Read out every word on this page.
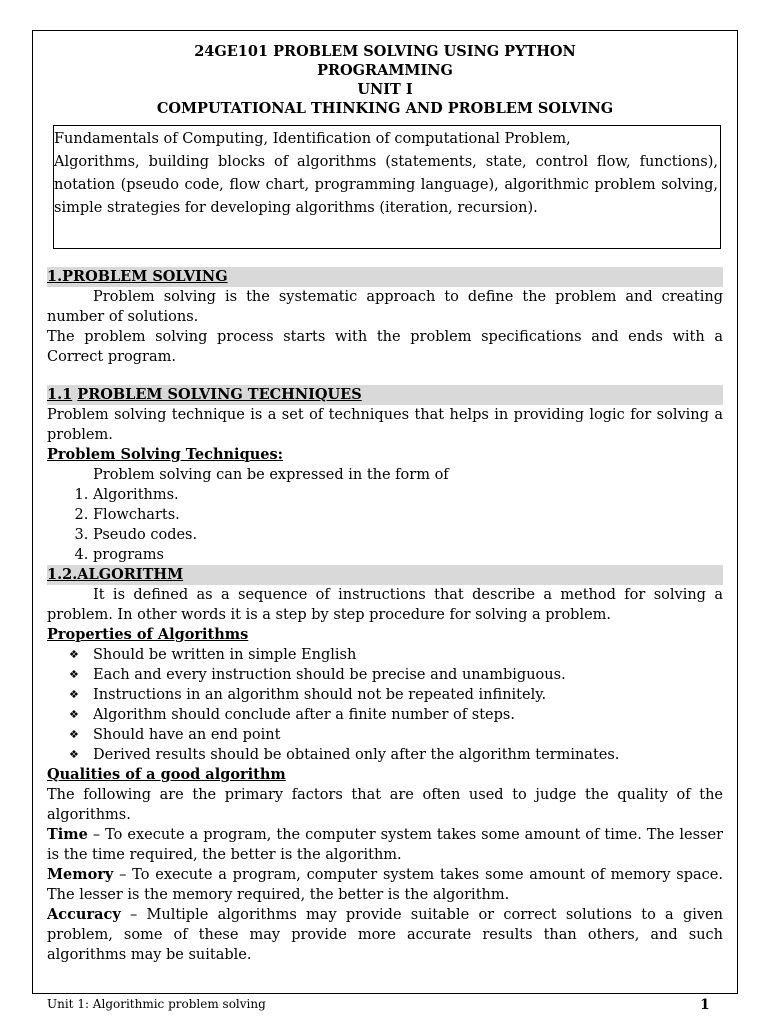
24GE101 PROBLEM SOLVING USING PYTHON
PROGRAMMING
UNIT I
COMPUTATIONAL THINKING AND PROBLEM SOLVING

Fundamentals of Computing, Identification of computational Problem,

Algorithms, building blocks of algorithms (statements, state, control flow, functions), notation (pseudo code, flow chart, programming language), algorithmic problem solving, simple strategies for developing algorithms (iteration, recursion).

1.PROBLEM SOLVING

Problem solving is the systematic approach to define the problem and creating number of solutions.

The problem solving process starts with the problem specifications and ends with a Correct program.

1.1 PROBLEM SOLVING TECHNIQUES

Problem solving technique is a set of techniques that helps in providing logic for solving a problem.

Problem Solving Techniques:

Problem solving can be expressed in the form of

1. Algorithms.
2. Flowcharts.
3. Pseudo codes.
4. programs
1.2.ALGORITHM

It is defined as a sequence of instructions that describe a method for solving a problem. In other words it is a step by step procedure for solving a problem.

Properties of Algorithms

❖ Should be written in simple English
❖ Each and every instruction should be precise and unambiguous.
❖ Instructions in an algorithm should not be repeated infinitely.
❖ Algorithm should conclude after a finite number of steps.
❖ Should have an end point
❖ Derived results should be obtained only after the algorithm terminates.

Qualities of a good algorithm

The following are the primary factors that are often used to judge the quality of the algorithms.

Time – To execute a program, the computer system takes some amount of time. The lesser is the time required, the better is the algorithm.

Memory – To execute a program, computer system takes some amount of memory space. The lesser is the memory required, the better is the algorithm.

Accuracy – Multiple algorithms may provide suitable or correct solutions to a given problem, some of these may provide more accurate results than others, and such algorithms may be suitable.

Unit 1: Algorithmic problem solving	1
